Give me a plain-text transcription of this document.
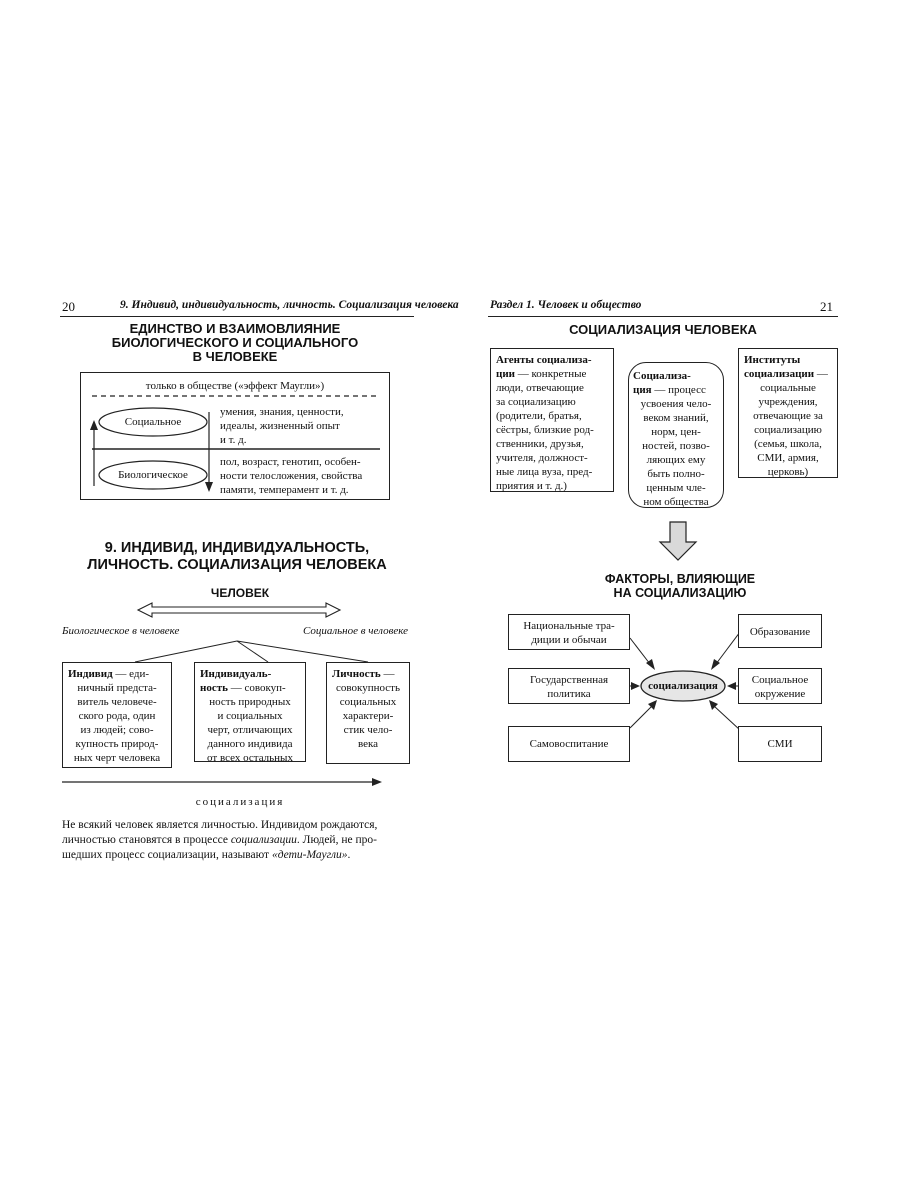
20	9. Индивид, индивидуальность, личность. Социализация человека
ЕДИНСТВО И ВЗАИМОВЛИЯНИЕ
БИОЛОГИЧЕСКОГО И СОЦИАЛЬНОГО
В ЧЕЛОВЕКЕ
только в обществе («эффект Маугли»)
Социальное
Биологическое
умения, знания, ценности,
идеалы, жизненный опыт
и т. д.
пол, возраст, генотип, особен-
ности телосложения, свойства
памяти, темперамент и т. д.
9. ИНДИВИД, ИНДИВИДУАЛЬНОСТЬ,
ЛИЧНОСТЬ. СОЦИАЛИЗАЦИЯ ЧЕЛОВЕКА
ЧЕЛОВЕК
Биологическое в человеке	Социальное в человеке
Индивид — еди-
ничный предста-
витель человече-
ского рода, один
из людей; сово-
купность природ-
ных черт человека
Индивидуаль-
ность — совокуп-
ность природных
и социальных
черт, отличающих
данного индивида
от всех остальных
Личность —
совокупность
социальных
характери-
стик чело-
века
социализация
Не всякий человек является личностью. Индивидом рождаются,
личностью становятся в процессе социализации. Людей, не про-
шедших процесс социализации, называют «дети-Маугли».
Раздел 1. Человек и общество	21
СОЦИАЛИЗАЦИЯ ЧЕЛОВЕКА
Агенты социализа-
ции — конкретные
люди, отвечающие
за социализацию
(родители, братья,
сёстры, близкие род-
ственники, друзья,
учителя, должност-
ные лица вуза, пред-
приятия и т. д.)
Социализа-
ция — процесс
усвоения чело-
веком знаний,
норм, цен-
ностей, позво-
ляющих ему
быть полно-
ценным чле-
ном общества
Институты
социализации —
социальные
учреждения,
отвечающие за
социализацию
(семья, школа,
СМИ, армия,
церковь)
ФАКТОРЫ, ВЛИЯЮЩИЕ
НА СОЦИАЛИЗАЦИЮ
социализация
Национальные тра-
диции и обычаи
Образование
Государственная
политика
Социальное
окружение
Самовоспитание	СМИ
